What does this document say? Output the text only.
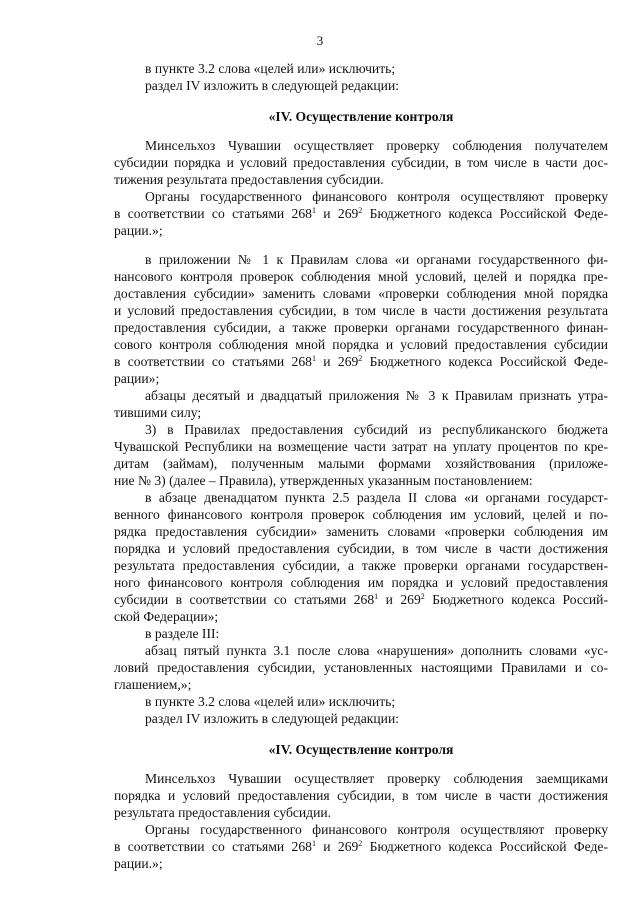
3
в пункте 3.2 слова «целей или» исключить;
раздел IV изложить в следующей редакции:
«IV. Осуществление контроля
Минсельхоз Чувашии осуществляет проверку соблюдения получателем
субсидии порядка и условий предоставления субсидии, в том числе в части дос-
тижения результата предоставления субсидии.
Органы государственного финансового контроля осуществляют проверку
в соответствии со статьями $268^1$ и $269^2$ Бюджетного кодекса Российской Феде-
рации.»;
в приложении № 1 к Правилам слова «и органами государственного фи-
нансового контроля проверок соблюдения мной условий, целей и порядка пре-
доставления субсидии» заменить словами «проверки соблюдения мной порядка
и условий предоставления субсидии, в том числе в части достижения результата
предоставления субсидии, а также проверки органами государственного финан-
сового контроля соблюдения мной порядка и условий предоставления субсидии
в соответствии со статьями $268^1$ и $269^2$ Бюджетного кодекса Российской Феде-
рации»;
абзацы десятый и двадцатый приложения № 3 к Правилам признать утра-
тившими силу;
3) в Правилах предоставления субсидий из республиканского бюджета
Чувашской Республики на возмещение части затрат на уплату процентов по кре-
дитам (займам), полученным малыми формами хозяйствования (приложе-
ние № 3) (далее – Правила), утвержденных указанным постановлением:
в абзаце двенадцатом пункта 2.5 раздела II слова «и органами государст-
венного финансового контроля проверок соблюдения им условий, целей и по-
рядка предоставления субсидии» заменить словами «проверки соблюдения им
порядка и условий предоставления субсидии, в том числе в части достижения
результата предоставления субсидии, а также проверки органами государствен-
ного финансового контроля соблюдения им порядка и условий предоставления
субсидии в соответствии со статьями $268^1$ и $269^2$ Бюджетного кодекса Россий-
ской Федерации»;
в разделе III:
абзац пятый пункта 3.1 после слова «нарушения» дополнить словами «ус-
ловий предоставления субсидии, установленных настоящими Правилами и со-
глашением,»;
в пункте 3.2 слова «целей или» исключить;
раздел IV изложить в следующей редакции:
«IV. Осуществление контроля
Минсельхоз Чувашии осуществляет проверку соблюдения заемщиками
порядка и условий предоставления субсидии, в том числе в части достижения
результата предоставления субсидии.
Органы государственного финансового контроля осуществляют проверку
в соответствии со статьями $268^1$ и $269^2$ Бюджетного кодекса Российской Феде-
рации.»;
